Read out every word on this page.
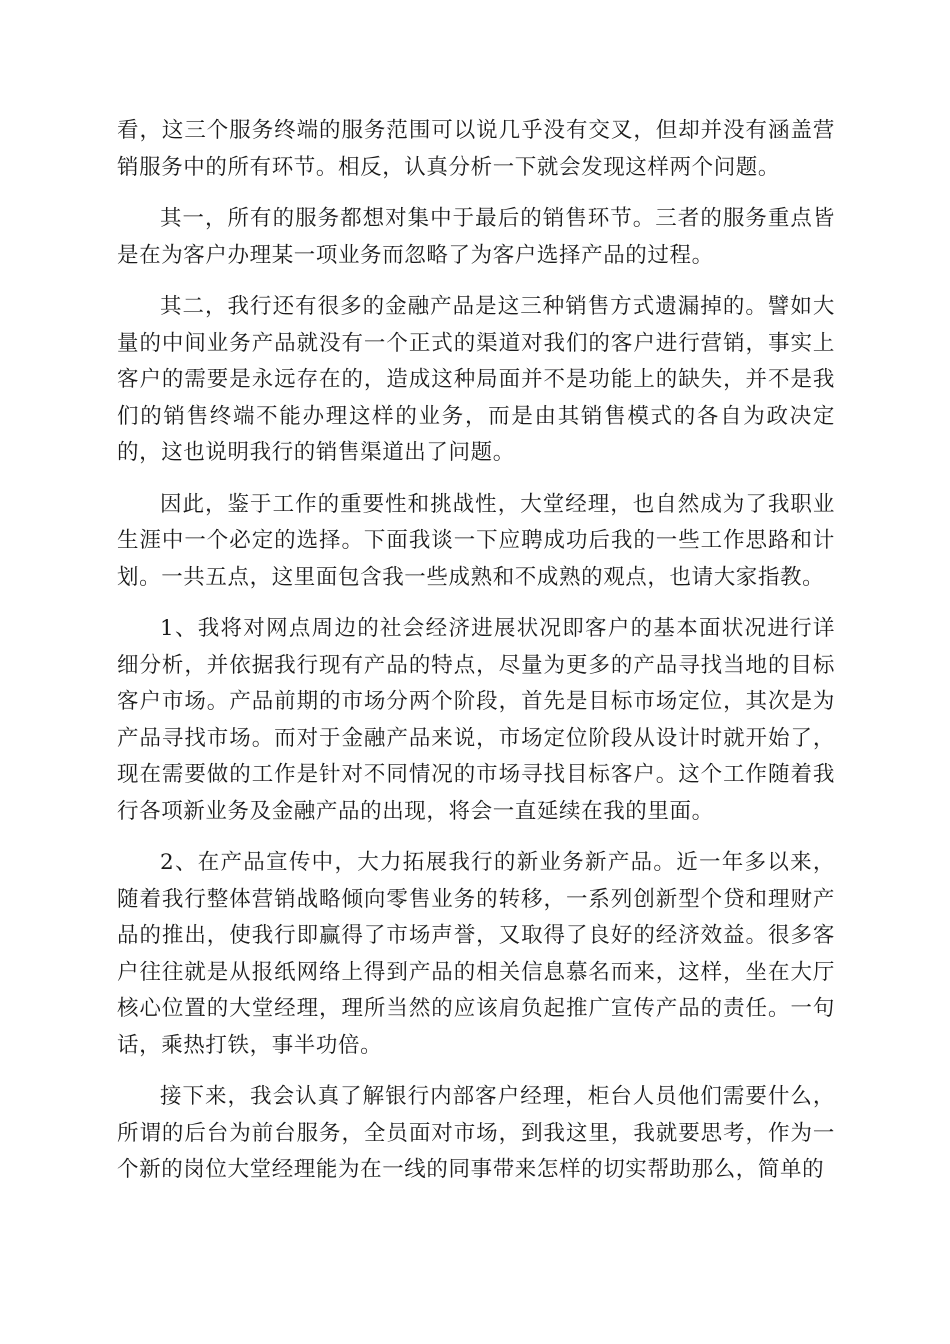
看，这三个服务终端的服务范围可以说几乎没有交叉，但却并没有涵盖营销服务中的所有环节。相反，认真分析一下就会发现这样两个问题。

其一，所有的服务都想对集中于最后的销售环节。三者的服务重点皆是在为客户办理某一项业务而忽略了为客户选择产品的过程。

其二，我行还有很多的金融产品是这三种销售方式遗漏掉的。譬如大量的中间业务产品就没有一个正式的渠道对我们的客户进行营销，事实上客户的需要是永远存在的，造成这种局面并不是功能上的缺失，并不是我们的销售终端不能办理这样的业务，而是由其销售模式的各自为政决定的，这也说明我行的销售渠道出了问题。

因此，鉴于工作的重要性和挑战性，大堂经理，也自然成为了我职业生涯中一个必定的选择。下面我谈一下应聘成功后我的一些工作思路和计划。一共五点，这里面包含我一些成熟和不成熟的观点，也请大家指教。

1、我将对网点周边的社会经济进展状况即客户的基本面状况进行详细分析，并依据我行现有产品的特点，尽量为更多的产品寻找当地的目标客户市场。产品前期的市场分两个阶段，首先是目标市场定位，其次是为产品寻找市场。而对于金融产品来说，市场定位阶段从设计时就开始了，现在需要做的工作是针对不同情况的市场寻找目标客户。这个工作随着我行各项新业务及金融产品的出现，将会一直延续在我的里面。

2、在产品宣传中，大力拓展我行的新业务新产品。近一年多以来，随着我行整体营销战略倾向零售业务的转移，一系列创新型个贷和理财产品的推出，使我行即赢得了市场声誉，又取得了良好的经济效益。很多客户往往就是从报纸网络上得到产品的相关信息慕名而来，这样，坐在大厅核心位置的大堂经理，理所当然的应该肩负起推广宣传产品的责任。一句话，乘热打铁，事半功倍。

接下来，我会认真了解银行内部客户经理，柜台人员他们需要什么，所谓的后台为前台服务，全员面对市场，到我这里，我就要思考，作为一个新的岗位大堂经理能为在一线的同事带来怎样的切实帮助那么，简单的
